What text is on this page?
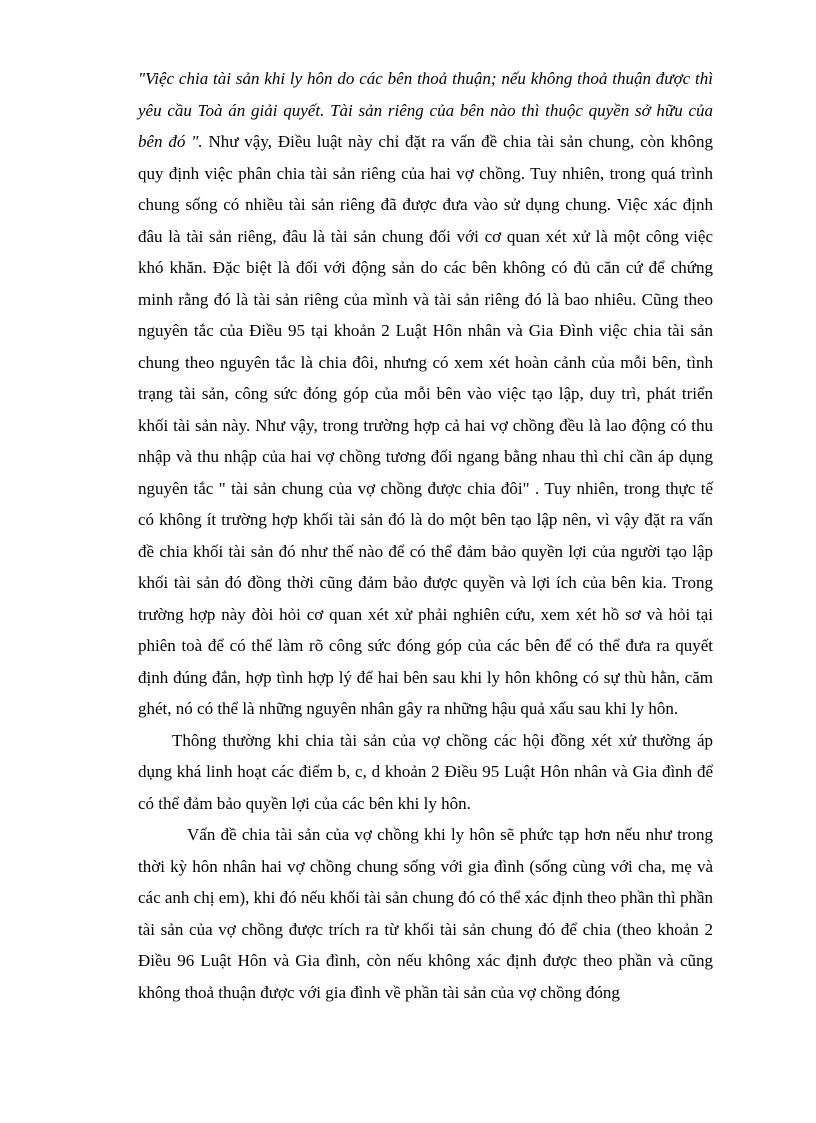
"Việc chia tài sản khi ly hôn do các bên thoả thuận; nếu không thoả thuận được thì yêu cầu Toà án giải quyết. Tài sản riêng của bên nào thì thuộc quyền sở hữu của bên đó ". Như vậy, Điều luật này chỉ đặt ra vấn đề chia tài sản chung, còn không quy định việc phân chia tài sản riêng của hai vợ chồng. Tuy nhiên, trong quá trình chung sống có nhiều tài sản riêng đã được đưa vào sử dụng chung. Việc xác định đâu là tài sản riêng, đâu là tài sản chung đối với cơ quan xét xử là một công việc khó khăn. Đặc biệt là đối với động sản do các bên không có đủ căn cứ để chứng minh rằng đó là tài sản riêng của mình và tài sản riêng đó là bao nhiêu. Cũng theo nguyên tắc của Điều 95 tại khoản 2 Luật Hôn nhân và Gia Đình việc chia tài sản chung theo nguyên tắc là chia đôi, nhưng có xem xét hoàn cảnh của mỗi bên, tình trạng tài sản, công sức đóng góp của mỗi bên vào việc tạo lập, duy trì, phát triển khối tài sản này. Như vậy, trong trường hợp cả hai vợ chồng đều là lao động có thu nhập và thu nhập của hai vợ chồng tương đối ngang bằng nhau thì chỉ cần áp dụng nguyên tắc " tài sản chung của vợ chồng được chia đôi" . Tuy nhiên, trong thực tế có không ít trường hợp khối tài sản đó là do một bên tạo lập nên, vì vậy đặt ra vấn đề chia khối tài sản đó như thế nào để có thể đảm bảo quyền lợi của người tạo lập khối tài sản đó đồng thời cũng đảm bảo được quyền và lợi ích của bên kia. Trong trường hợp này đòi hỏi cơ quan xét xử phải nghiên cứu, xem xét hồ sơ và hỏi tại phiên toà để có thể làm rõ công sức đóng góp của các bên để có thể đưa ra quyết định đúng đắn, hợp tình hợp lý để hai bên sau khi ly hôn không có sự thù hằn, căm ghét, nó có thể là những nguyên nhân gây ra những hậu quả xấu sau khi ly hôn.

Thông thường khi chia tài sản của vợ chồng các hội đồng xét xử thường áp dụng khá linh hoạt các điểm b, c, d khoản 2 Điều 95 Luật Hôn nhân và Gia đình để có thể đảm bảo quyền lợi của các bên khi ly hôn.

Vấn đề chia tài sản của vợ chồng khi ly hôn sẽ phức tạp hơn nếu như trong thời kỳ hôn nhân hai vợ chồng chung sống với gia đình (sống cùng với cha, mẹ và các anh chị em), khi đó nếu khối tài sản chung đó có thể xác định theo phần thì phần tài sản của vợ chồng được trích ra từ khối tài sản chung đó để chia (theo khoản 2 Điều 96 Luật Hôn và Gia đình, còn nếu không xác định được theo phần và cũng không thoả thuận được với gia đình về phần tài sản của vợ chồng đóng
